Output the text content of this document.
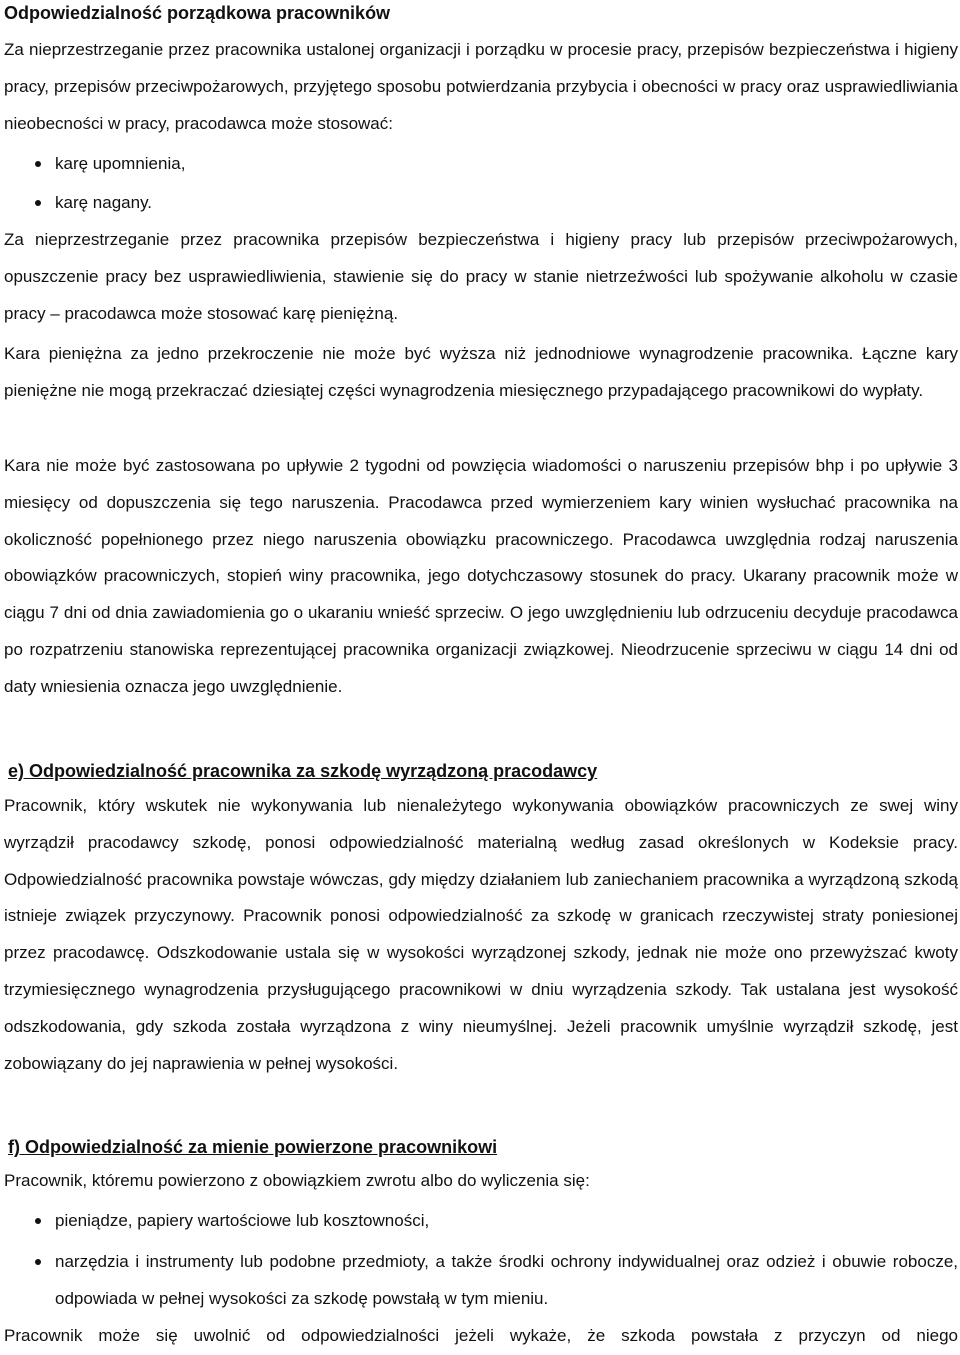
Odpowiedzialność porządkowa pracowników

Za nieprzestrzeganie przez pracownika ustalonej organizacji i porządku w procesie pracy, przepisów bezpieczeństwa i higieny pracy, przepisów przeciwpożarowych, przyjętego sposobu potwierdzania przybycia i obecności w pracy oraz usprawiedliwiania nieobecności w pracy, pracodawca może stosować:

karę upomnienia,

karę nagany.

Za nieprzestrzeganie przez pracownika przepisów bezpieczeństwa i higieny pracy lub przepisów przeciwpożarowych, opuszczenie pracy bez usprawiedliwienia, stawienie się do pracy w stanie nietrzeźwości lub spożywanie alkoholu w czasie pracy – pracodawca może stosować karę pieniężną.

Kara pieniężna za jedno przekroczenie nie może być wyższa niż jednodniowe wynagrodzenie pracownika. Łączne kary pieniężne nie mogą przekraczać dziesiątej części wynagrodzenia miesięcznego przypadającego pracownikowi do wypłaty.

Kara nie może być zastosowana po upływie 2 tygodni od powzięcia wiadomości o naruszeniu przepisów bhp i po upływie 3 miesięcy od dopuszczenia się tego naruszenia. Pracodawca przed wymierzeniem kary winien wysłuchać pracownika na okoliczność popełnionego przez niego naruszenia obowiązku pracowniczego. Pracodawca uwzględnia rodzaj naruszenia obowiązków pracowniczych, stopień winy pracownika, jego dotychczasowy stosunek do pracy. Ukarany pracownik może w ciągu 7 dni od dnia zawiadomienia go o ukaraniu wnieść sprzeciw. O jego uwzględnieniu lub odrzuceniu decyduje pracodawca po rozpatrzeniu stanowiska reprezentującej pracownika organizacji związkowej. Nieodrzucenie sprzeciwu w ciągu 14 dni od daty wniesienia oznacza jego uwzględnienie.

e) Odpowiedzialność pracownika za szkodę wyrządzoną pracodawcy

Pracownik, który wskutek nie wykonywania lub nienależytego wykonywania obowiązków pracowniczych ze swej winy wyrządził pracodawcy szkodę, ponosi odpowiedzialność materialną według zasad określonych w Kodeksie pracy. Odpowiedzialność pracownika powstaje wówczas, gdy między działaniem lub zaniechaniem pracownika a wyrządzoną szkodą istnieje związek przyczynowy. Pracownik ponosi odpowiedzialność za szkodę w granicach rzeczywistej straty poniesionej przez pracodawcę. Odszkodowanie ustala się w wysokości wyrządzonej szkody, jednak nie może ono przewyższać kwoty trzymiesięcznego wynagrodzenia przysługującego pracownikowi w dniu wyrządzenia szkody. Tak ustalana jest wysokość odszkodowania, gdy szkoda została wyrządzona z winy nieumyślnej. Jeżeli pracownik umyślnie wyrządził szkodę, jest zobowiązany do jej naprawienia w pełnej wysokości.

f) Odpowiedzialność za mienie powierzone pracownikowi

Pracownik, któremu powierzono z obowiązkiem zwrotu albo do wyliczenia się:

pieniądze, papiery wartościowe lub kosztowności,

narzędzia i instrumenty lub podobne przedmioty, a także środki ochrony indywidualnej oraz odzież i obuwie robocze, odpowiada w pełnej wysokości za szkodę powstałą w tym mieniu.

Pracownik może się uwolnić od odpowiedzialności jeżeli wykaże, że szkoda powstała z przyczyn od niego
